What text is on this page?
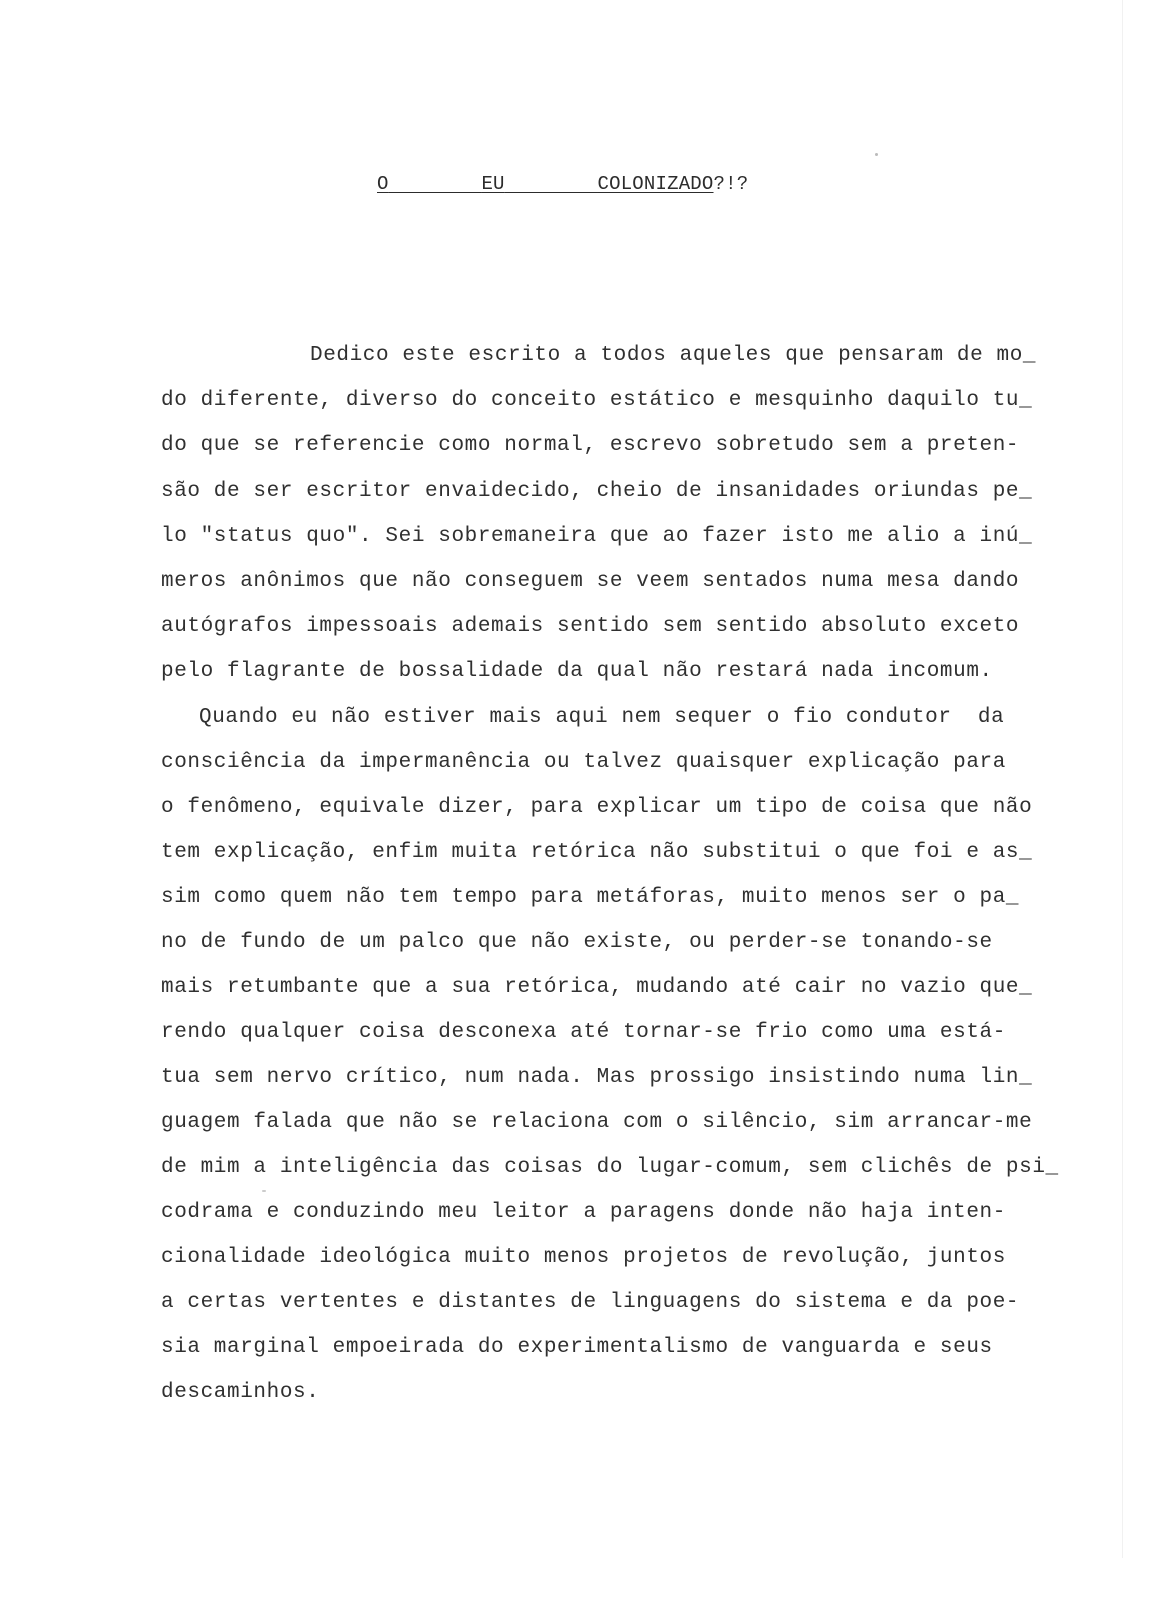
O	EU	COLONIZADO?!?
Dedico este escrito a todos aqueles que pensaram de mo_
do diferente, diverso do conceito estático e mesquinho daquilo tu_
do que se referencie como normal, escrevo sobretudo sem a preten-
são de ser escritor envaidecido, cheio de insanidades oriundas pe_
lo "status quo". Sei sobremaneira que ao fazer isto me alio a inú_
meros anônimos que não conseguem se veem sentados numa mesa dando
autógrafos impessoais ademais sentido sem sentido absoluto exceto
pelo flagrante de bossalidade da qual não restará nada incomum.
Quando eu não estiver mais aqui nem sequer o fio condutor  da
consciência da impermanência ou talvez quaisquer explicação para
o fenômeno, equivale dizer, para explicar um tipo de coisa que não
tem explicação, enfim muita retórica não substitui o que foi e as_
sim como quem não tem tempo para metáforas, muito menos ser o pa_
no de fundo de um palco que não existe, ou perder-se tonando-se
mais retumbante que a sua retórica, mudando até cair no vazio que_
rendo qualquer coisa desconexa até tornar-se frio como uma está-
tua sem nervo crítico, num nada. Mas prossigo insistindo numa lin_
guagem falada que não se relaciona com o silêncio, sim arrancar-me
de mim a inteligência das coisas do lugar-comum, sem clichês de psi_
codrama e conduzindo meu leitor a paragens donde não haja inten-
cionalidade ideológica muito menos projetos de revolução, juntos
a certas vertentes e distantes de linguagens do sistema e da poe-
sia marginal empoeirada do experimentalismo de vanguarda e seus
descaminhos.
